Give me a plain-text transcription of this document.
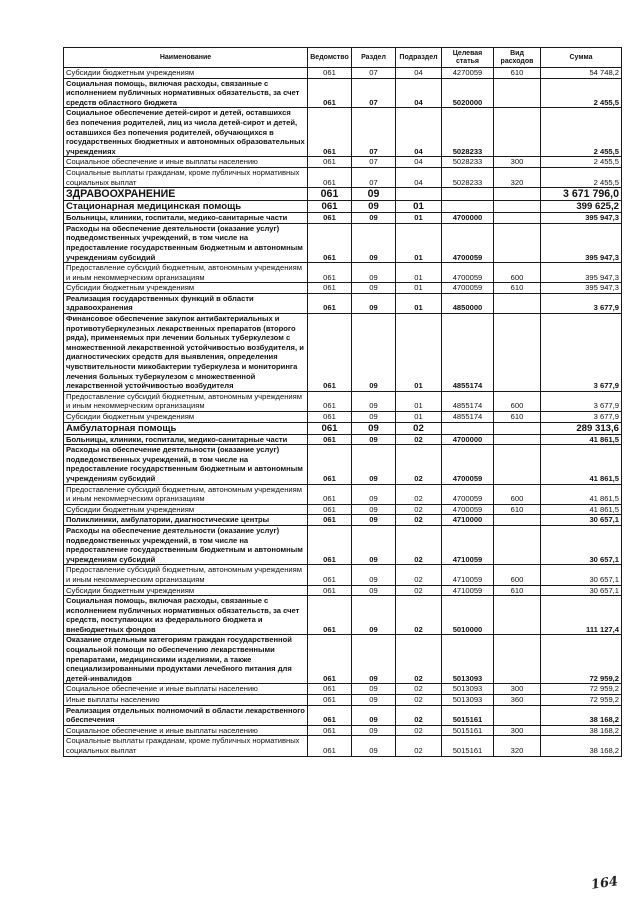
Наименование	Ведомство	Раздел	Подраздел	Целевая статья	Вид расходов	Сумма
Субсидии бюджетным учреждениям	061	07	04	4270059	610	54 748,2
Социальная помощь, включая расходы, связанные с исполнением публичных нормативных обязательств, за счет средств областного бюджета	061	07	04	5020000		2 455,5
Социальное обеспечение детей-сирот и детей, оставшихся без попечения родителей, лиц из числа детей-сирот и детей, оставшихся без попечения родителей, обучающихся в государственных бюджетных и автономных образовательных учреждениях	061	07	04	5028233		2 455,5
Социальное обеспечение и иные выплаты населению	061	07	04	5028233	300	2 455,5
Социальные выплаты гражданам, кроме публичных нормативных социальных выплат	061	07	04	5028233	320	2 455,5
ЗДРАВООХРАНЕНИЕ	061	09				3 671 796,0
Стационарная медицинская помощь	061	09	01			399 625,2
Больницы, клиники, госпитали, медико-санитарные части	061	09	01	4700000		395 947,3
Расходы на обеспечение деятельности (оказание услуг) подведомственных учреждений, в том числе на предоставление государственным бюджетным и автономным учреждениям субсидий	061	09	01	4700059		395 947,3
Предоставление субсидий бюджетным, автономным учреждениям и иным некоммерческим организациям	061	09	01	4700059	600	395 947,3
Субсидии бюджетным учреждениям	061	09	01	4700059	610	395 947,3
Реализация государственных функций в области здравоохранения	061	09	01	4850000		3 677,9
Финансовое обеспечение закупок антибактериальных и противотуберкулезных лекарственных препаратов (второго ряда), применяемых при лечении больных туберкулезом с множественной лекарственной устойчивостью возбудителя, и диагностических средств для выявления, определения чувствительности микобактерии туберкулеза и мониторинга лечения больных туберкулезом с множественной лекарственной устойчивостью возбудителя	061	09	01	4855174		3 677,9
Предоставление субсидий бюджетным, автономным учреждениям и иным некоммерческим организациям	061	09	01	4855174	600	3 677,9
Субсидии бюджетным учреждениям	061	09	01	4855174	610	3 677,9
Амбулаторная помощь	061	09	02			289 313,6
Больницы, клиники, госпитали, медико-санитарные части	061	09	02	4700000		41 861,5
Расходы на обеспечение деятельности (оказание услуг) подведомственных учреждений, в том числе на предоставление государственным бюджетным и автономным учреждениям субсидий	061	09	02	4700059		41 861,5
Предоставление субсидий бюджетным, автономным учреждениям и иным некоммерческим организациям	061	09	02	4700059	600	41 861,5
Субсидии бюджетным учреждениям	061	09	02	4700059	610	41 861,5
Поликлиники, амбулатории, диагностические центры	061	09	02	4710000		30 657,1
Расходы на обеспечение деятельности (оказание услуг) подведомственных учреждений, в том числе на предоставление государственным бюджетным и автономным учреждениям субсидий	061	09	02	4710059		30 657,1
Предоставление субсидий бюджетным, автономным учреждениям и иным некоммерческим организациям	061	09	02	4710059	600	30 657,1
Субсидии бюджетным учреждениям	061	09	02	4710059	610	30 657,1
Социальная помощь, включая расходы, связанные с исполнением публичных нормативных обязательств, за счет средств, поступающих из федерального бюджета и внебюджетных фондов	061	09	02	5010000		111 127,4
Оказание отдельным категориям граждан государственной социальной помощи по обеспечению лекарственными препаратами, медицинскими изделиями, а также специализированными продуктами лечебного питания для детей-инвалидов	061	09	02	5013093		72 959,2
Социальное обеспечение и иные выплаты населению	061	09	02	5013093	300	72 959,2
Иные выплаты населению	061	09	02	5013093	360	72 959,2
Реализация отдельных полномочий в области лекарственного обеспечения	061	09	02	5015161		38 168,2
Социальное обеспечение и иные выплаты населению	061	09	02	5015161	300	38 168,2
Социальные выплаты гражданам, кроме публичных нормативных социальных выплат	061	09	02	5015161	320	38 168,2
164
